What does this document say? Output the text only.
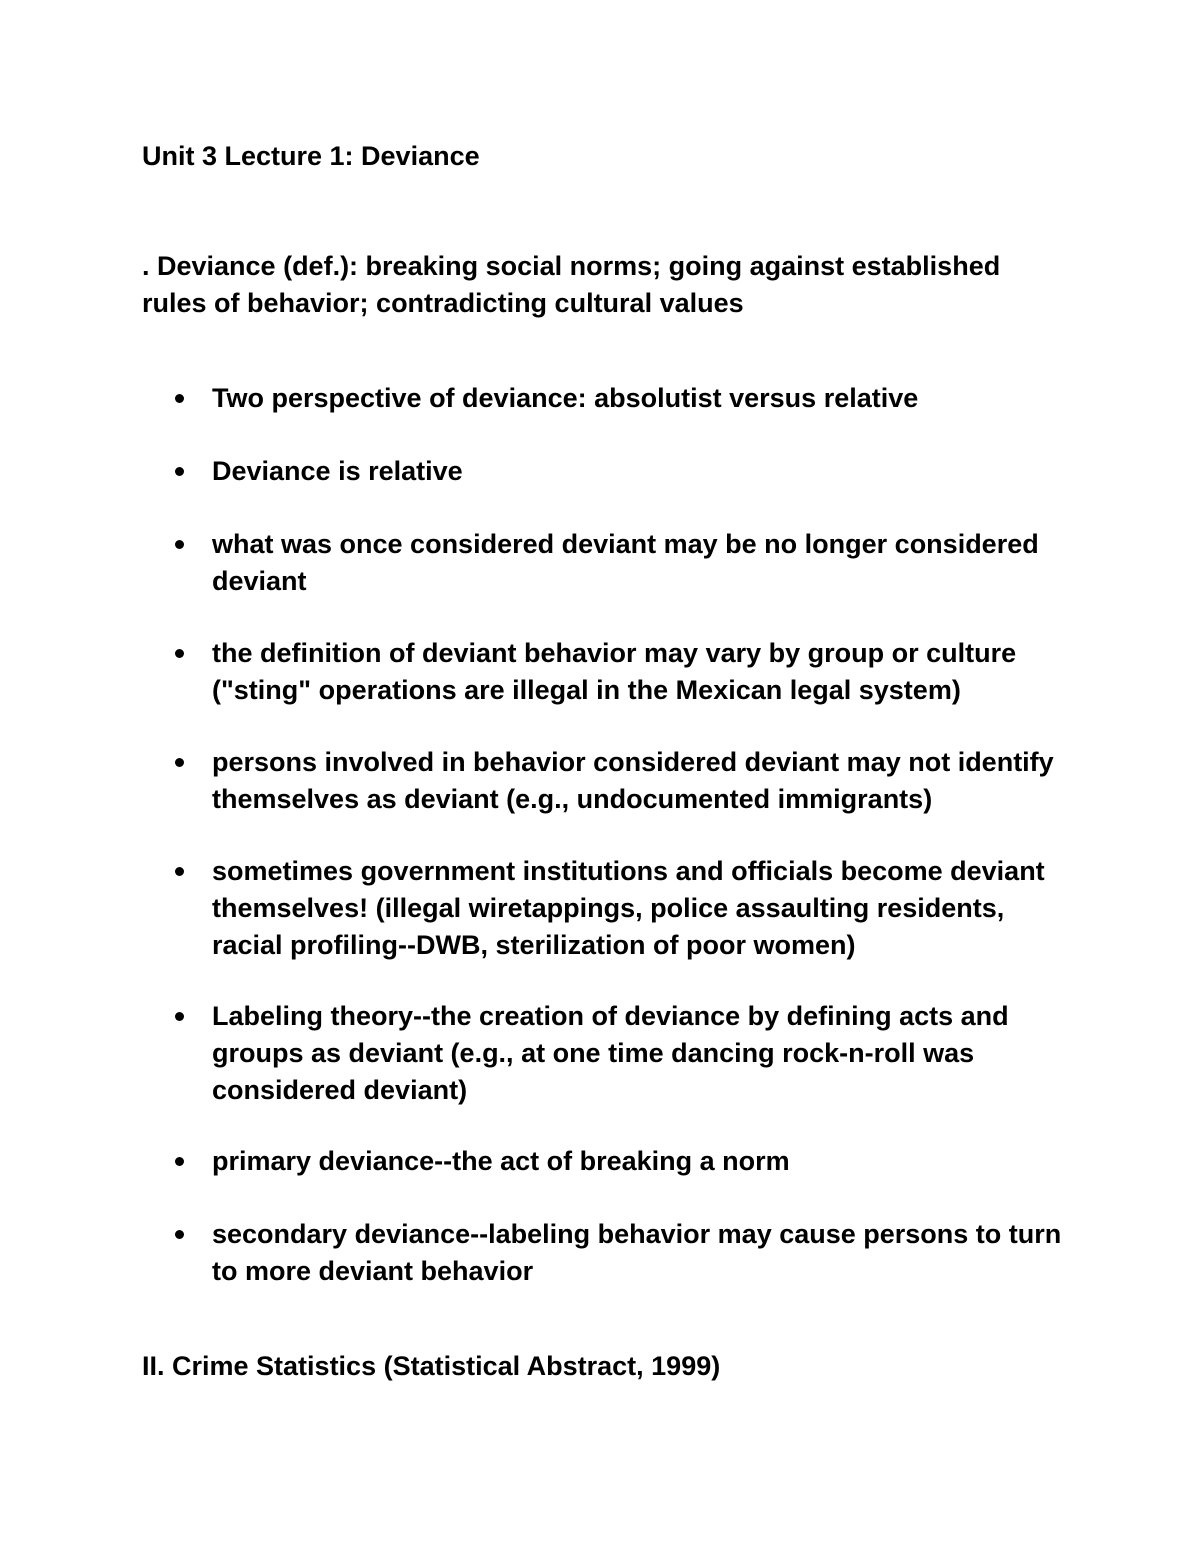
Unit 3 Lecture 1: Deviance

. Deviance (def.): breaking social norms; going against established rules of behavior; contradicting cultural values

Two perspective of deviance: absolutist versus relative
Deviance is relative
what was once considered deviant may be no longer considered deviant
the definition of deviant behavior may vary by group or culture ("sting" operations are illegal in the Mexican legal system)
persons involved in behavior considered deviant may not identify themselves as deviant (e.g., undocumented immigrants)
sometimes government institutions and officials become deviant themselves! (illegal wiretappings, police assaulting residents, racial profiling--DWB, sterilization of poor women)
Labeling theory--the creation of deviance by defining acts and groups as deviant (e.g., at one time dancing rock-n-roll was considered deviant)
primary deviance--the act of breaking a norm
secondary deviance--labeling behavior may cause persons to turn to more deviant behavior
II. Crime Statistics (Statistical Abstract, 1999)
